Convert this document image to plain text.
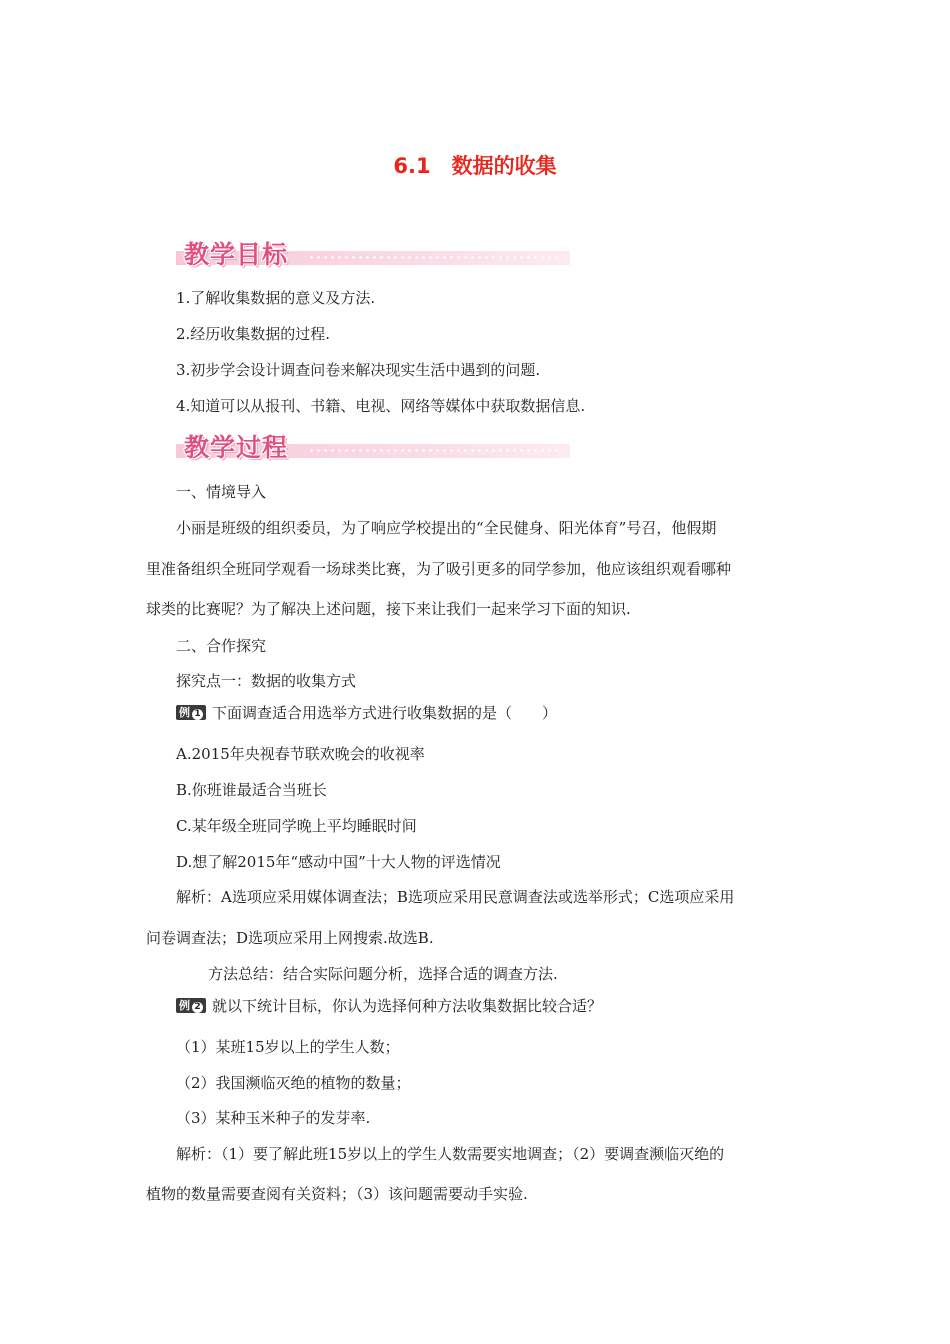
6.1　数据的收集
教学目标
1.了解收集数据的意义及方法.
2.经历收集数据的过程.
3.初步学会设计调查问卷来解决现实生活中遇到的问题.
4.知道可以从报刊、书籍、电视、网络等媒体中获取数据信息.
教学过程
一、情境导入
小丽是班级的组织委员，为了响应学校提出的“全民健身、阳光体育”号召，他假期
里准备组织全班同学观看一场球类比赛，为了吸引更多的同学参加，他应该组织观看哪种
球类的比赛呢？为了解决上述问题，接下来让我们一起来学习下面的知识.
二、合作探究
探究点一：数据的收集方式
例 1 下面调查适合用选举方式进行收集数据的是（　　）
A.2015年央视春节联欢晚会的收视率
B.你班谁最适合当班长
C.某年级全班同学晚上平均睡眠时间
D.想了解2015年“感动中国”十大人物的评选情况
解析：A选项应采用媒体调查法；B选项应采用民意调查法或选举形式；C选项应采用
问卷调查法；D选项应采用上网搜索.故选B.
方法总结：结合实际问题分析，选择合适的调查方法.
例 2 就以下统计目标，你认为选择何种方法收集数据比较合适？
（1）某班15岁以上的学生人数；
（2）我国濒临灭绝的植物的数量；
（3）某种玉米种子的发芽率.
解析：（1）要了解此班15岁以上的学生人数需要实地调查；（2）要调查濒临灭绝的
植物的数量需要查阅有关资料；（3）该问题需要动手实验.
